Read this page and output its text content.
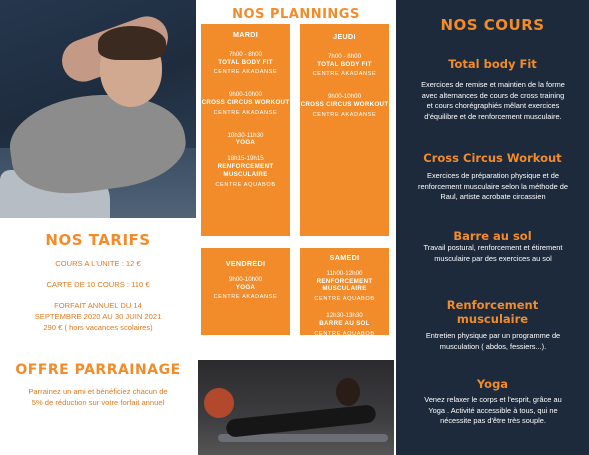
NOS TARIFS
COURS A L'UNITE : 12 €
CARTE DE 10 COURS : 110 €
FORFAIT ANNUEL DU 14
SEPTEMBRE 2020 AU 30 JUIN 2021
290 € ( hors vacances scolaires)
OFFRE PARRAINAGE
Parrainez un ami et bénéficiez chacun de 5% de réduction sur votre forfait annuel
NOS PLANNINGS
MARDI
7h00 - 8h00
TOTAL BODY FIT
CENTRE AKADANSE
9h00-10h00
CROSS CIRCUS WORKOUT
CENTRE AKADANSE
10h30-11h30
YOGA
18h15-19h15
RENFORCEMENT MUSCULAIRE
CENTRE AQUABOB
JEUDI
7h00 - 8h00
TOTAL BODY FIT
CENTRE AKADANSE
9h00-10h00
CROSS CIRCUS WORKOUT
CENTRE AKADANSE
VENDREDI
9h00-10h00
YOGA
CENTRE AKADANSE
SAMEDI
11h00-12h00
RENFORCEMENT MUSCULAIRE
CENTRE AQUABOB
12h30-13h30
BARRE AU SOL
CENTRE AQUABOB
NOS COURS
Total body Fit
Exercices de remise et maintien de la forme avec alternances de cours de cross training et cours chorégraphiés mêlant exercices d'équilibre et de renforcement musculaire.
Cross Circus Workout
Exercices de préparation physique et de renforcement musculaire selon la méthode de Raul, artiste acrobate circassien
Barre au sol
Travail postural, renforcement et étirement musculaire par des exercices au sol
Renforcement musculaire
Entretien physique par un programme de musculation ( abdos, fessiers...).
Yoga
Venez relaxer le corps et l'esprit, grâce au Yoga . Activité accessible à tous, qui ne nécessite pas d'être très souple.
